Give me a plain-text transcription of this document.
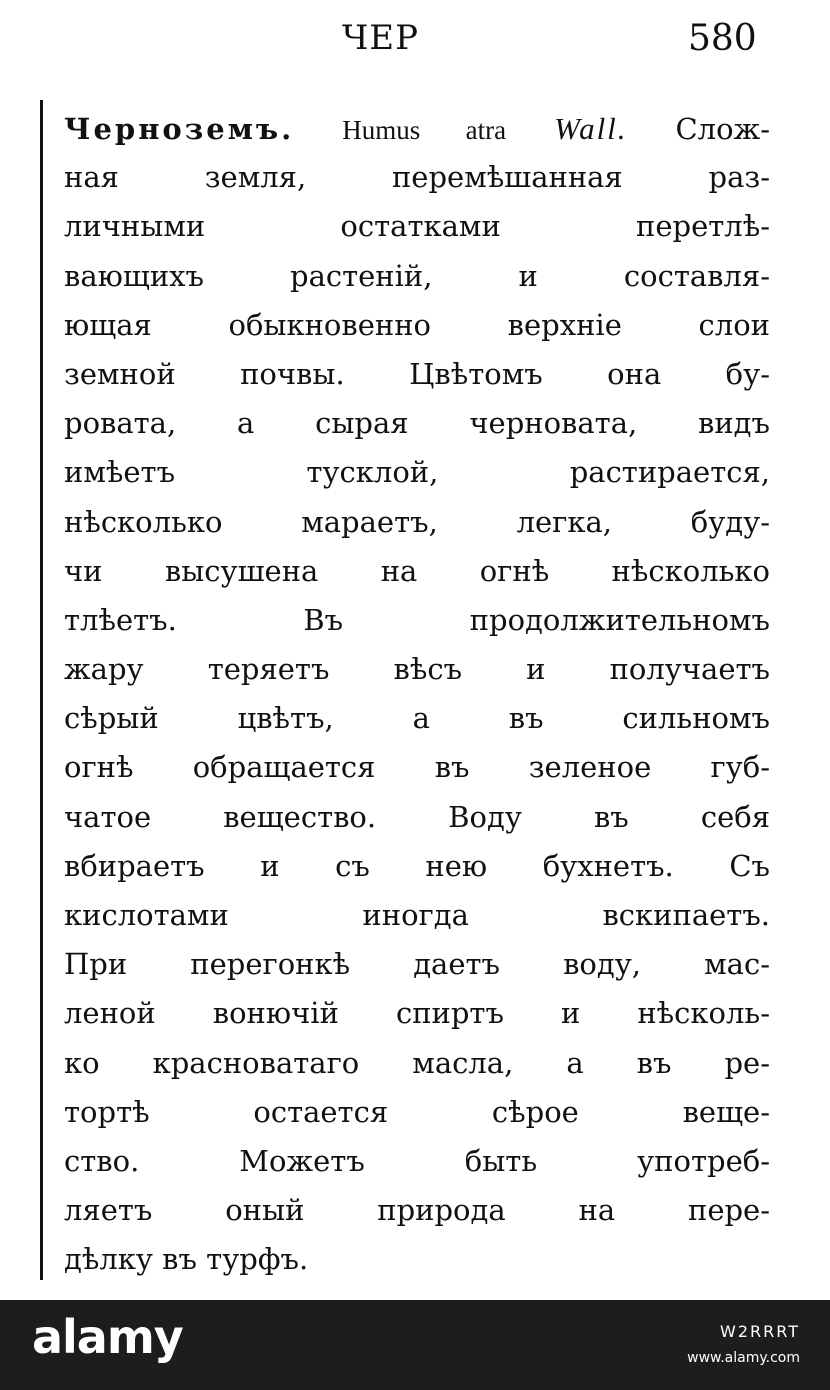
ЧЕР	580
Черноземъ. Humus atra Wall. Слож-
ная земля, перемѣшанная раз-
личными остатками перетлѣ-
вающихъ растеній, и составля-
ющая обыкновенно верхніе слои
земной почвы. Цвѣтомъ она бу-
ровата, а сырая черновата, видъ
имѣетъ тусклой, растирается,
нѣсколько мараетъ, легка, буду-
чи высушена на огнѣ нѣсколько
тлѣетъ. Въ продолжительномъ
жару теряетъ вѣсъ и получаетъ
сѣрый цвѣтъ, а въ сильномъ
огнѣ обращается въ зеленое губ-
чатое вещество. Воду въ себя
вбираетъ и съ нею бухнетъ. Съ
кислотами иногда вскипаетъ.
При перегонкѣ даетъ воду, мас-
леной вонючій спиртъ и нѣсколь-
ко красноватаго масла, а въ ре-
тортѣ остается сѣрое веще-
ство. Можетъ быть употреб-
ляетъ оный природа на пере-
дѣлку въ турфъ.
alamy	W2RRRT
www.alamy.com
